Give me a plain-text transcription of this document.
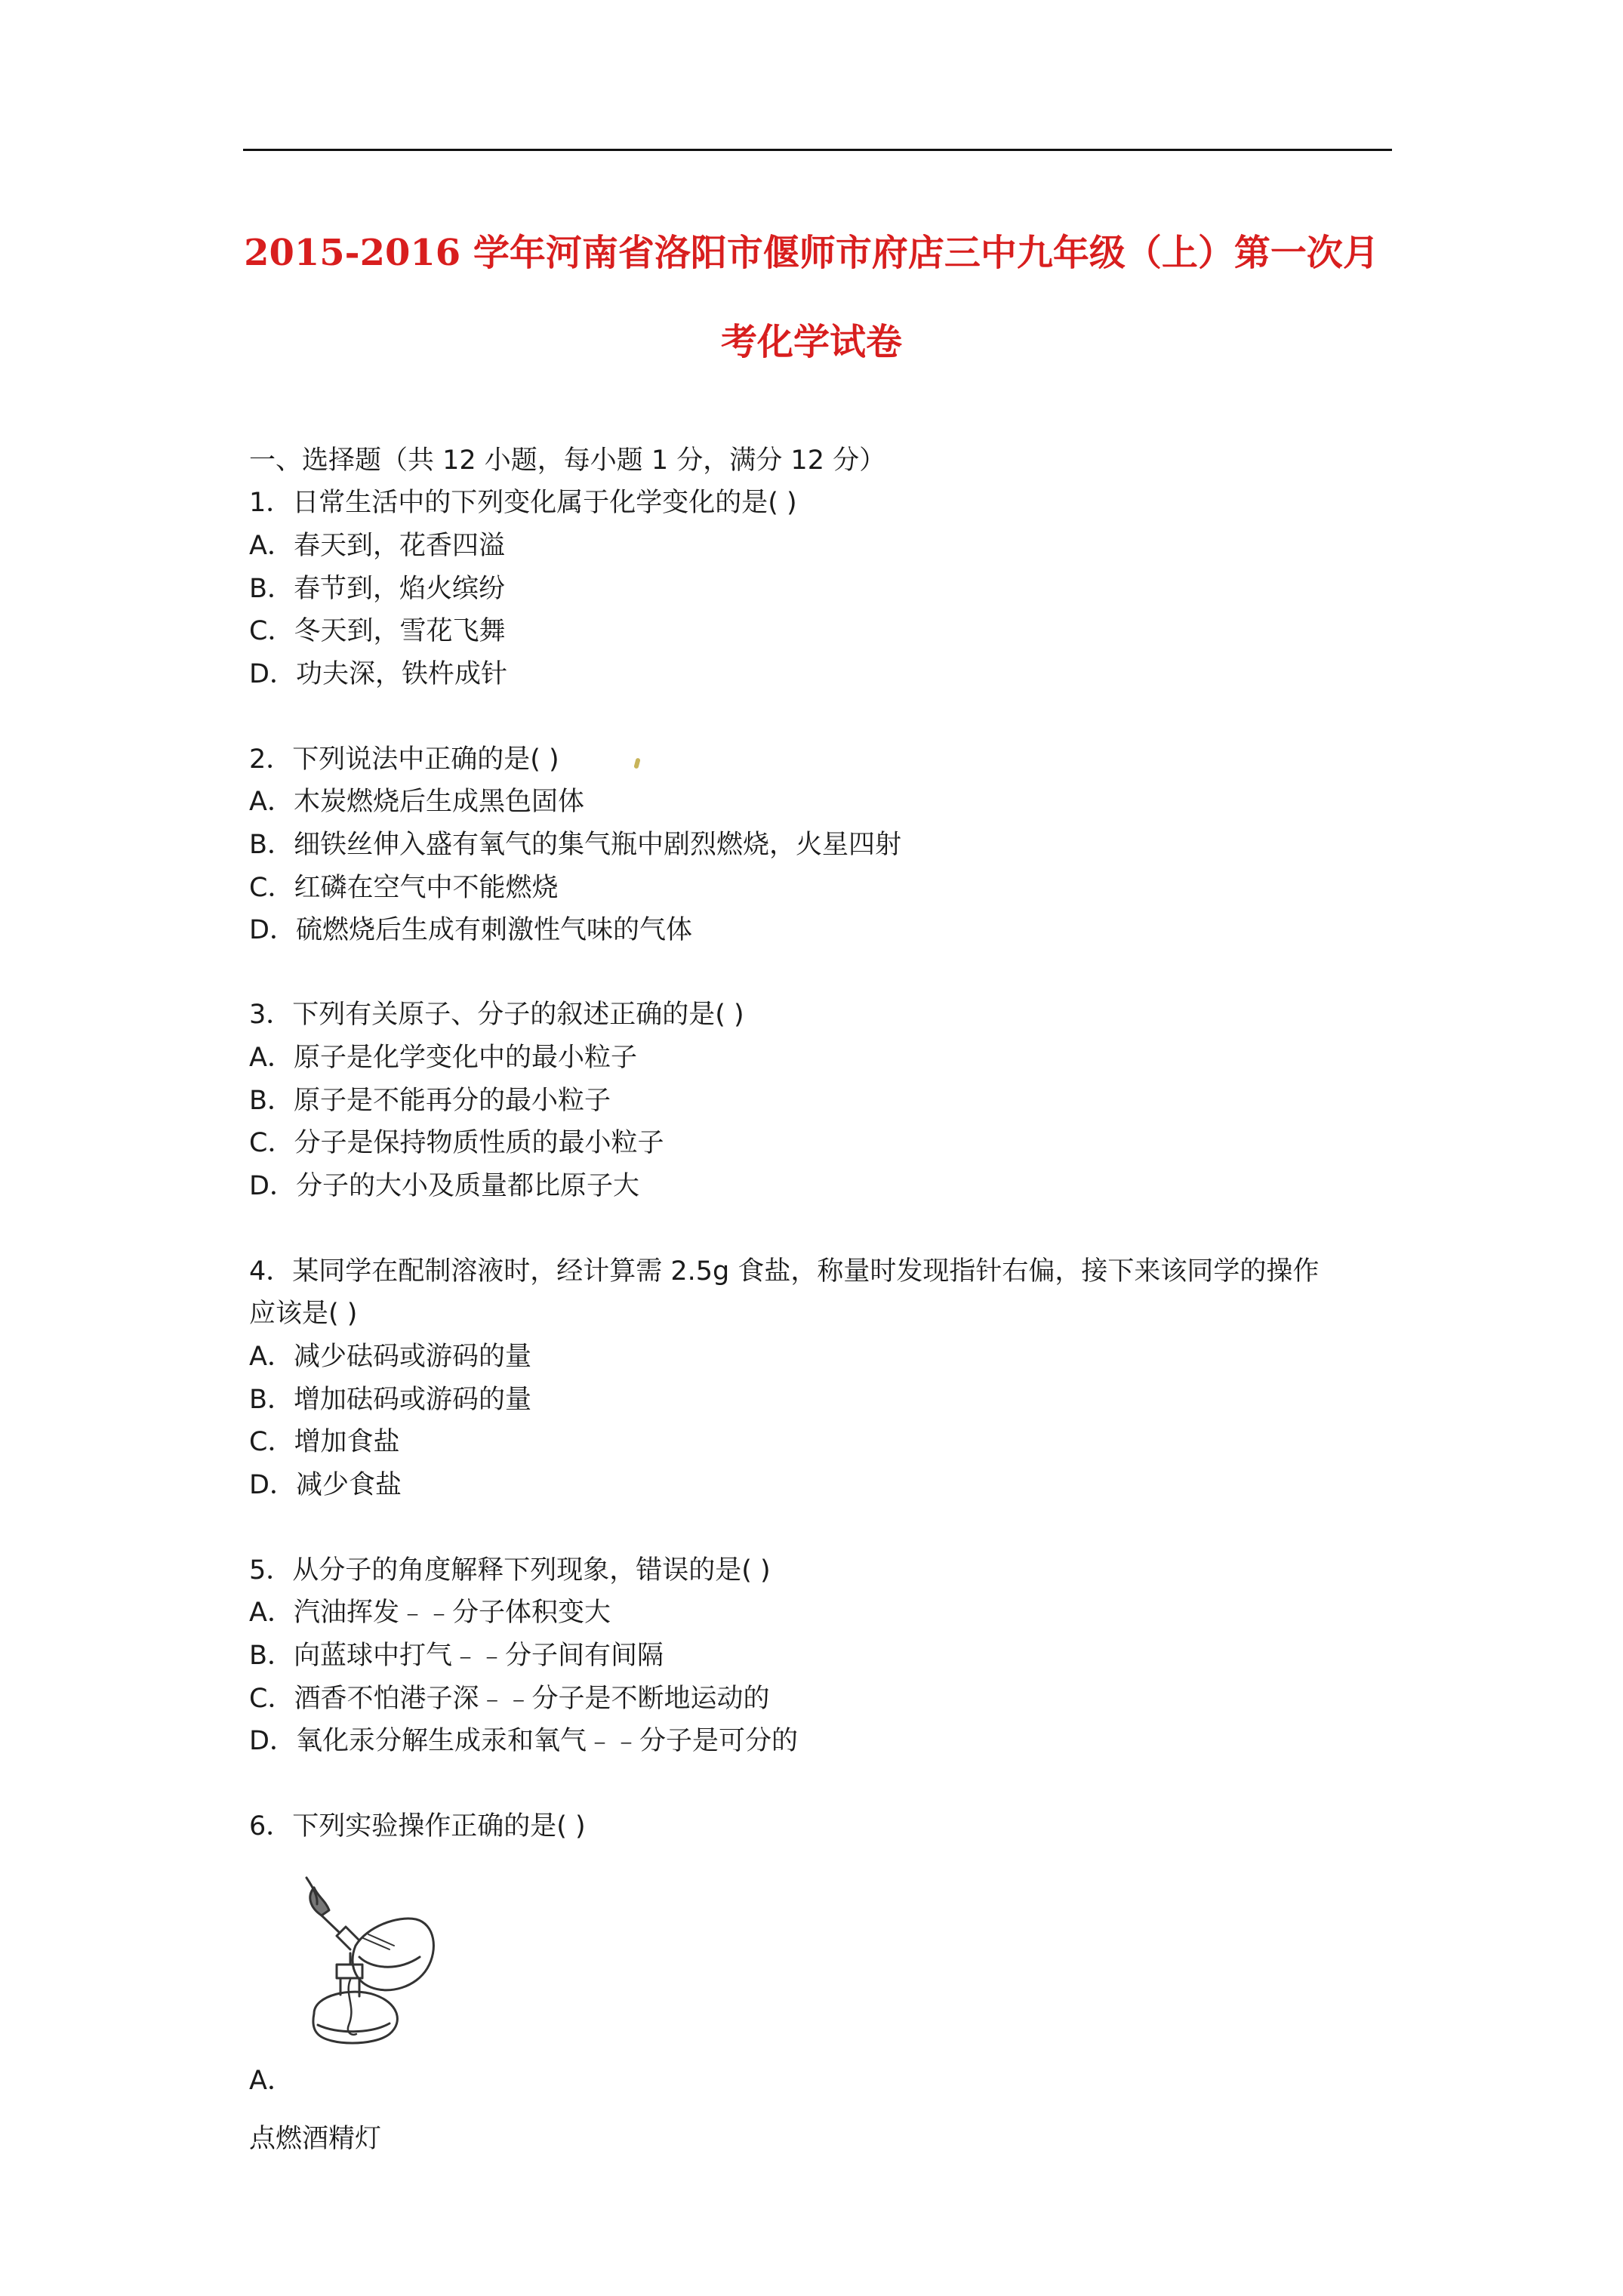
2015-2016 学年河南省洛阳市偃师市府店三中九年级（上）第一次月
考化学试卷
一、选择题（共 12 小题，每小题 1 分，满分 12 分）
1．日常生活中的下列变化属于化学变化的是( )
A．春天到，花香四溢
B．春节到，焰火缤纷
C．冬天到，雪花飞舞
D．功夫深，铁杵成针
2．下列说法中正确的是( )
A．木炭燃烧后生成黑色固体
B．细铁丝伸入盛有氧气的集气瓶中剧烈燃烧，火星四射
C．红磷在空气中不能燃烧
D．硫燃烧后生成有刺激性气味的气体
3．下列有关原子、分子的叙述正确的是( )
A．原子是化学变化中的最小粒子
B．原子是不能再分的最小粒子
C．分子是保持物质性质的最小粒子
D．分子的大小及质量都比原子大
4．某同学在配制溶液时，经计算需 2.5g 食盐，称量时发现指针右偏，接下来该同学的操作
应该是( )
A．减少砝码或游码的量
B．增加砝码或游码的量
C．增加食盐
D．减少食盐
5．从分子的角度解释下列现象，错误的是( )
A．汽油挥发﹣﹣分子体积变大
B．向蓝球中打气﹣﹣分子间有间隔
C．酒香不怕港子深﹣﹣分子是不断地运动的
D．氧化汞分解生成汞和氧气﹣﹣分子是可分的
6．下列实验操作正确的是( )
A．
点燃酒精灯
